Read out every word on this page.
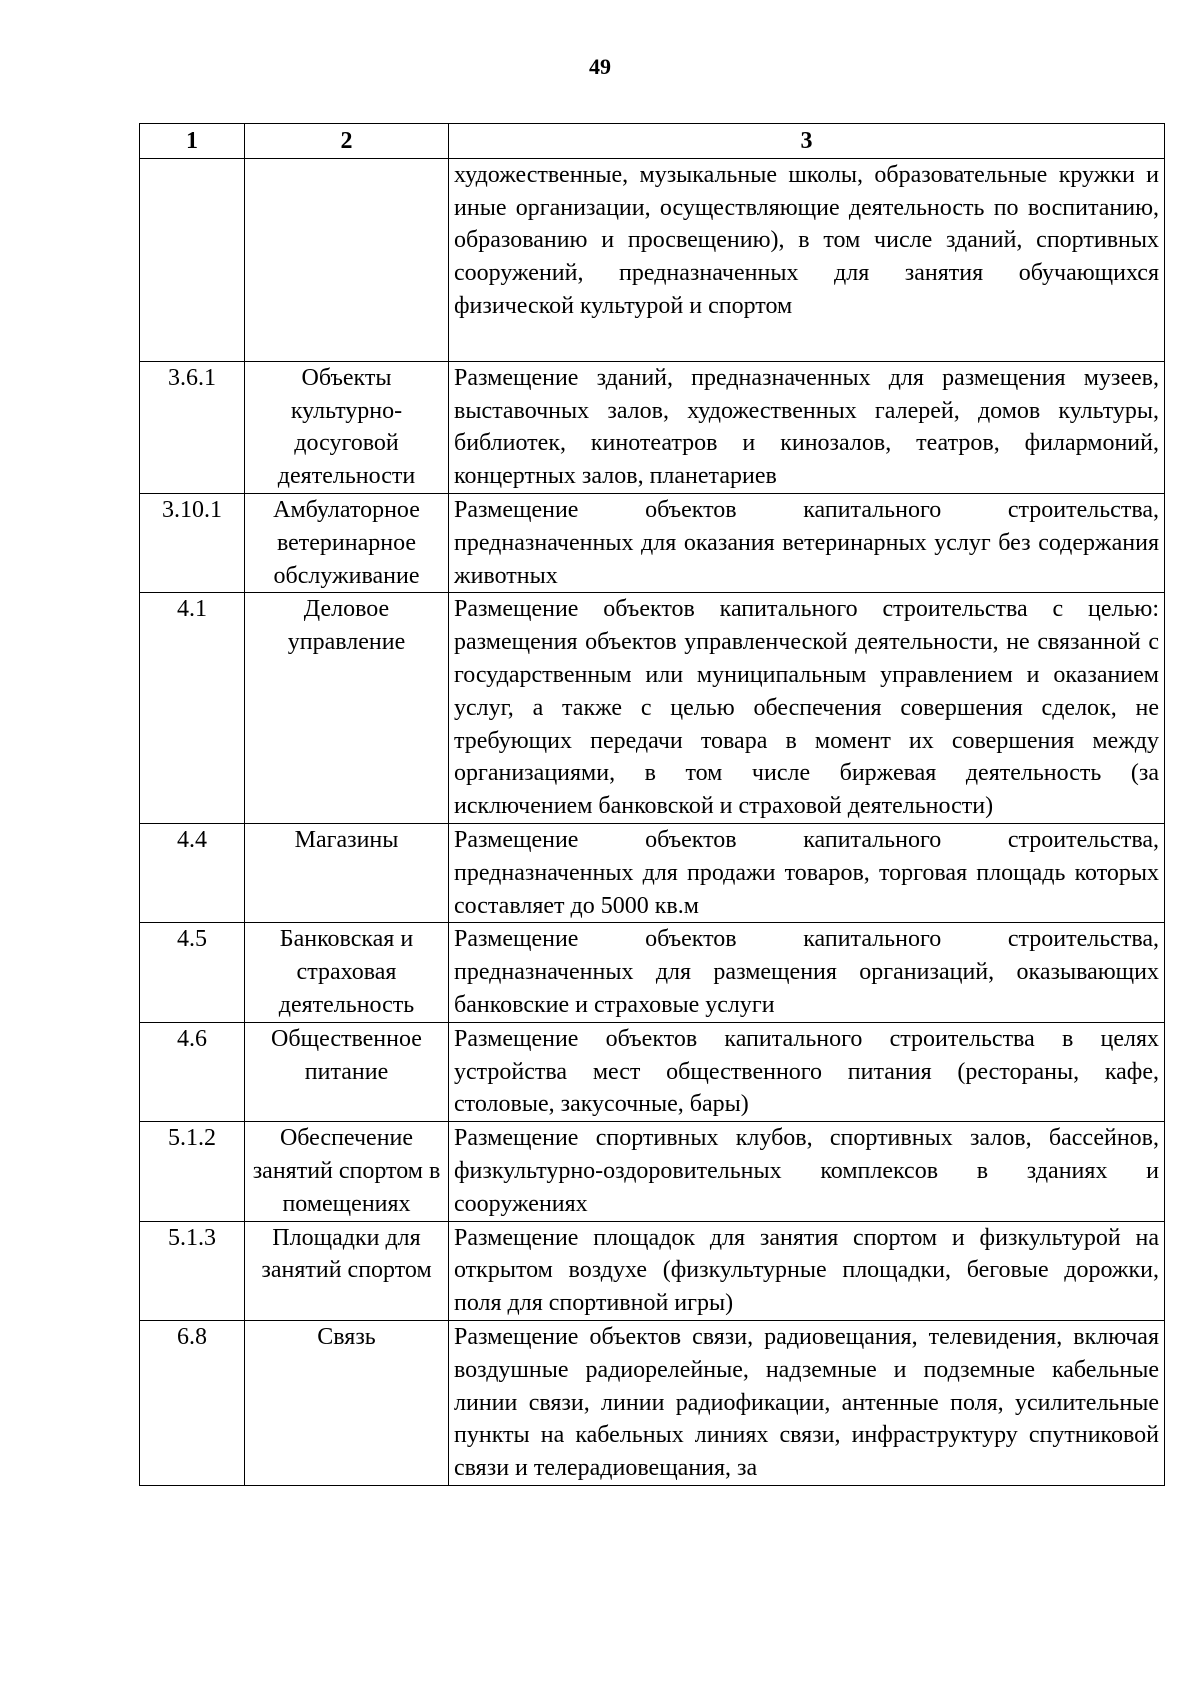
49
1	2	3
		художественные, музыкальные школы, образовательные кружки и иные организации, осуществляющие деятельность по воспитанию, образованию и просвещению), в том числе зданий, спортивных сооружений, предназначенных для занятия обучающихся физической культурой и спортом
3.6.1	Объекты культурно-досуговой деятельности	Размещение зданий, предназначенных для размещения музеев, выставочных залов, художественных галерей, домов культуры, библиотек, кинотеатров и кинозалов, театров, филармоний, концертных залов, планетариев
3.10.1	Амбулаторное ветеринарное обслуживание	Размещение объектов капитального строительства, предназначенных для оказания ветеринарных услуг без содержания животных
4.1	Деловое управление	Размещение объектов капитального строительства с целью: размещения объектов управленческой деятельности, не связанной с государственным или муниципальным управлением и оказанием услуг, а также с целью обеспечения совершения сделок, не требующих передачи товара в момент их совершения между организациями, в том числе биржевая деятельность (за исключением банковской и страховой деятельности)
4.4	Магазины	Размещение объектов капитального строительства, предназначенных для продажи товаров, торговая площадь которых составляет до 5000 кв.м
4.5	Банковская и страховая деятельность	Размещение объектов капитального строительства, предназначенных для размещения организаций, оказывающих банковские и страховые услуги
4.6	Общественное питание	Размещение объектов капитального строительства в целях устройства мест общественного питания (рестораны, кафе, столовые, закусочные, бары)
5.1.2	Обеспечение занятий спортом в помещениях	Размещение спортивных клубов, спортивных залов, бассейнов, физкультурно-оздоровительных комплексов в зданиях и сооружениях
5.1.3	Площадки для занятий спортом	Размещение площадок для занятия спортом и физкультурой на открытом воздухе (физкультурные площадки, беговые дорожки, поля для спортивной игры)
6.8	Связь	Размещение объектов связи, радиовещания, телевидения, включая воздушные радиорелейные, надземные и подземные кабельные линии связи, линии радиофикации, антенные поля, усилительные пункты на кабельных линиях связи, инфраструктуру спутниковой связи и телерадиовещания, за
